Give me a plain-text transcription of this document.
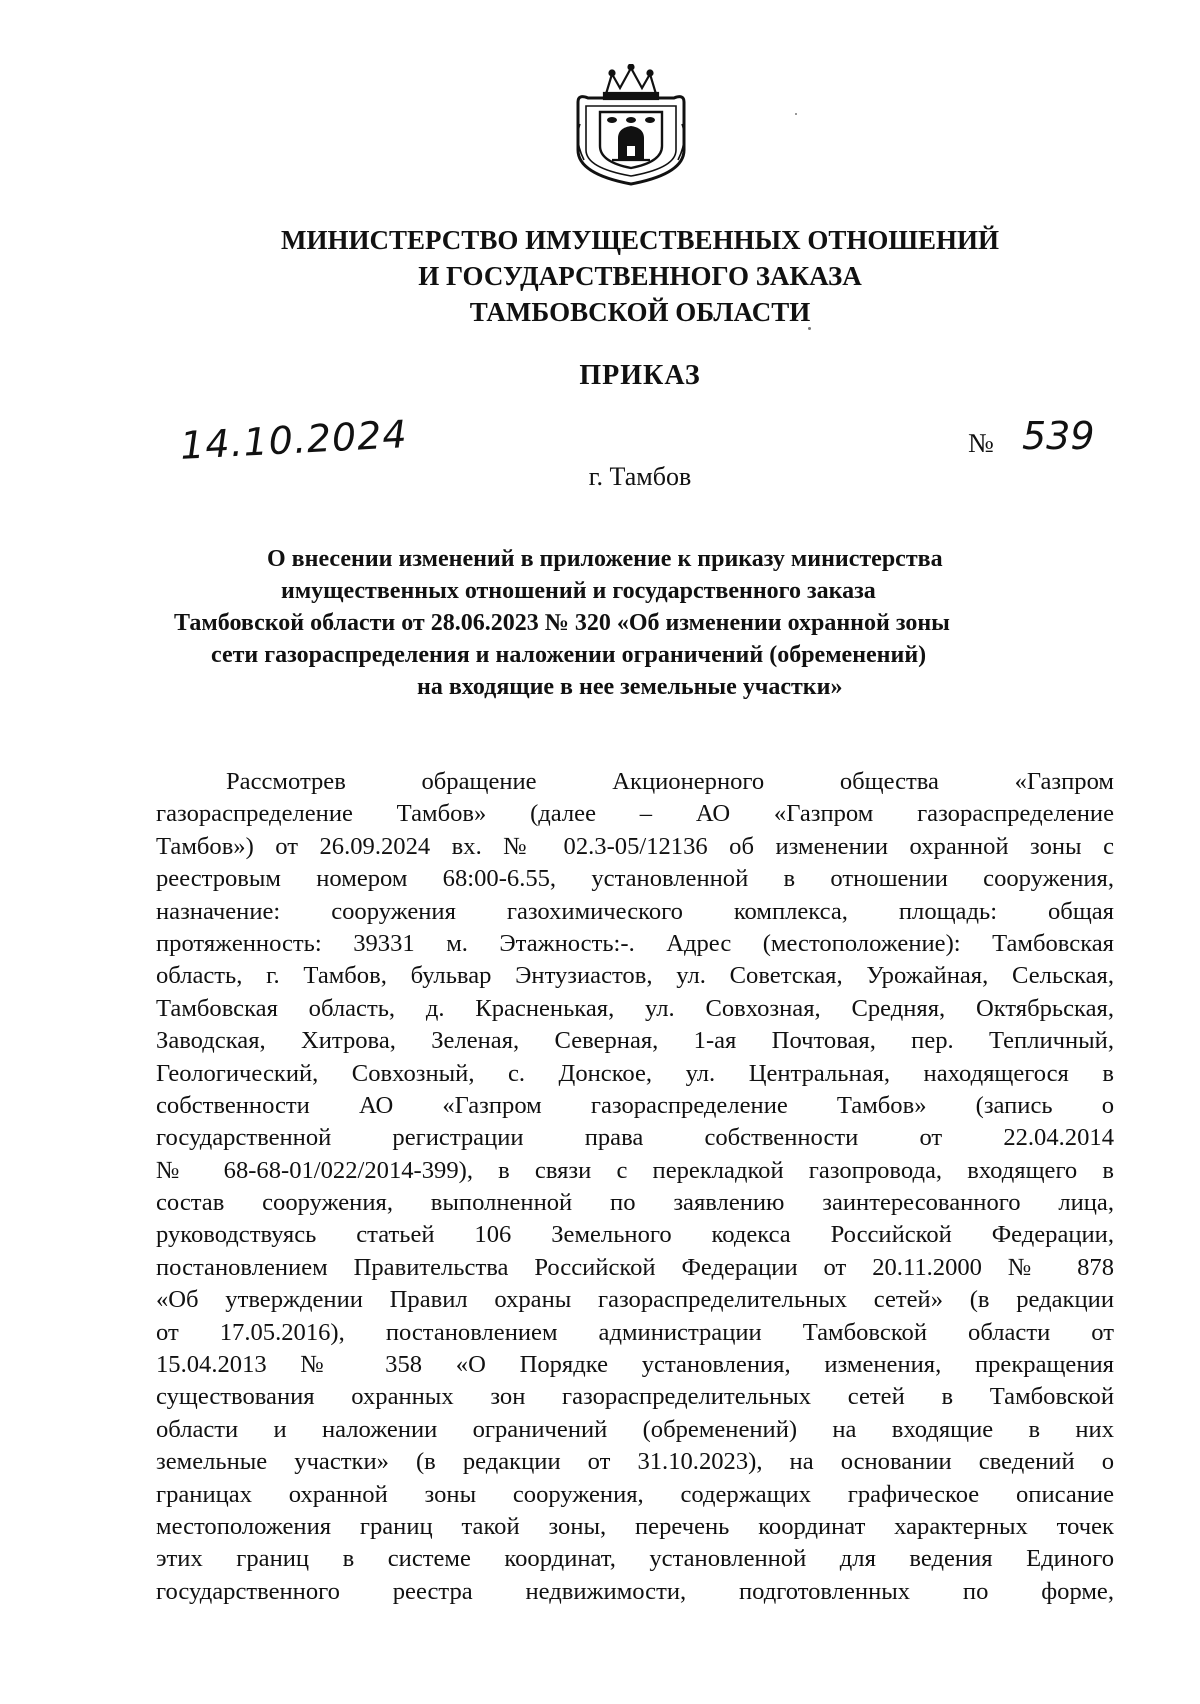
МИНИСТЕРСТВО ИМУЩЕСТВЕННЫХ ОТНОШЕНИЙ
И ГОСУДАРСТВЕННОГО ЗАКАЗА
ТАМБОВСКОЙ ОБЛАСТИ
ПРИКАЗ
14.10.2024	№ 539
г. Тамбов
О внесении изменений в приложение к приказу министерства
имущественных отношений и государственного заказа
Тамбовской области от 28.06.2023 № 320 «Об изменении охранной зоны
сети газораспределения и наложении ограничений (обременений)
на входящие в нее земельные участки»
Рассмотрев обращение Акционерного общества «Газпром
газораспределение Тамбов» (далее – АО «Газпром газораспределение
Тамбов») от 26.09.2024 вх. № 02.3-05/12136 об изменении охранной зоны с
реестровым номером 68:00-6.55, установленной в отношении сооружения,
назначение: сооружения газохимического комплекса, площадь: общая
протяженность: 39331 м. Этажность:-. Адрес (местоположение): Тамбовская
область, г. Тамбов, бульвар Энтузиастов, ул. Советская, Урожайная, Сельская,
Тамбовская область, д. Красненькая, ул. Совхозная, Средняя, Октябрьская,
Заводская, Хитрова, Зеленая, Северная, 1-ая Почтовая, пер. Тепличный,
Геологический, Совхозный, с. Донское, ул. Центральная, находящегося в
собственности АО «Газпром газораспределение Тамбов» (запись о
государственной регистрации права собственности от 22.04.2014
№ 68-68-01/022/2014-399), в связи с перекладкой газопровода, входящего в
состав сооружения, выполненной по заявлению заинтересованного лица,
руководствуясь статьей 106 Земельного кодекса Российской Федерации,
постановлением Правительства Российской Федерации от 20.11.2000 № 878
«Об утверждении Правил охраны газораспределительных сетей» (в редакции
от 17.05.2016), постановлением администрации Тамбовской области от
15.04.2013 № 358 «О Порядке установления, изменения, прекращения
существования охранных зон газораспределительных сетей в Тамбовской
области и наложении ограничений (обременений) на входящие в них
земельные участки» (в редакции от 31.10.2023), на основании сведений о
границах охранной зоны сооружения, содержащих графическое описание
местоположения границ такой зоны, перечень координат характерных точек
этих границ в системе координат, установленной для ведения Единого
государственного реестра недвижимости, подготовленных по форме,
